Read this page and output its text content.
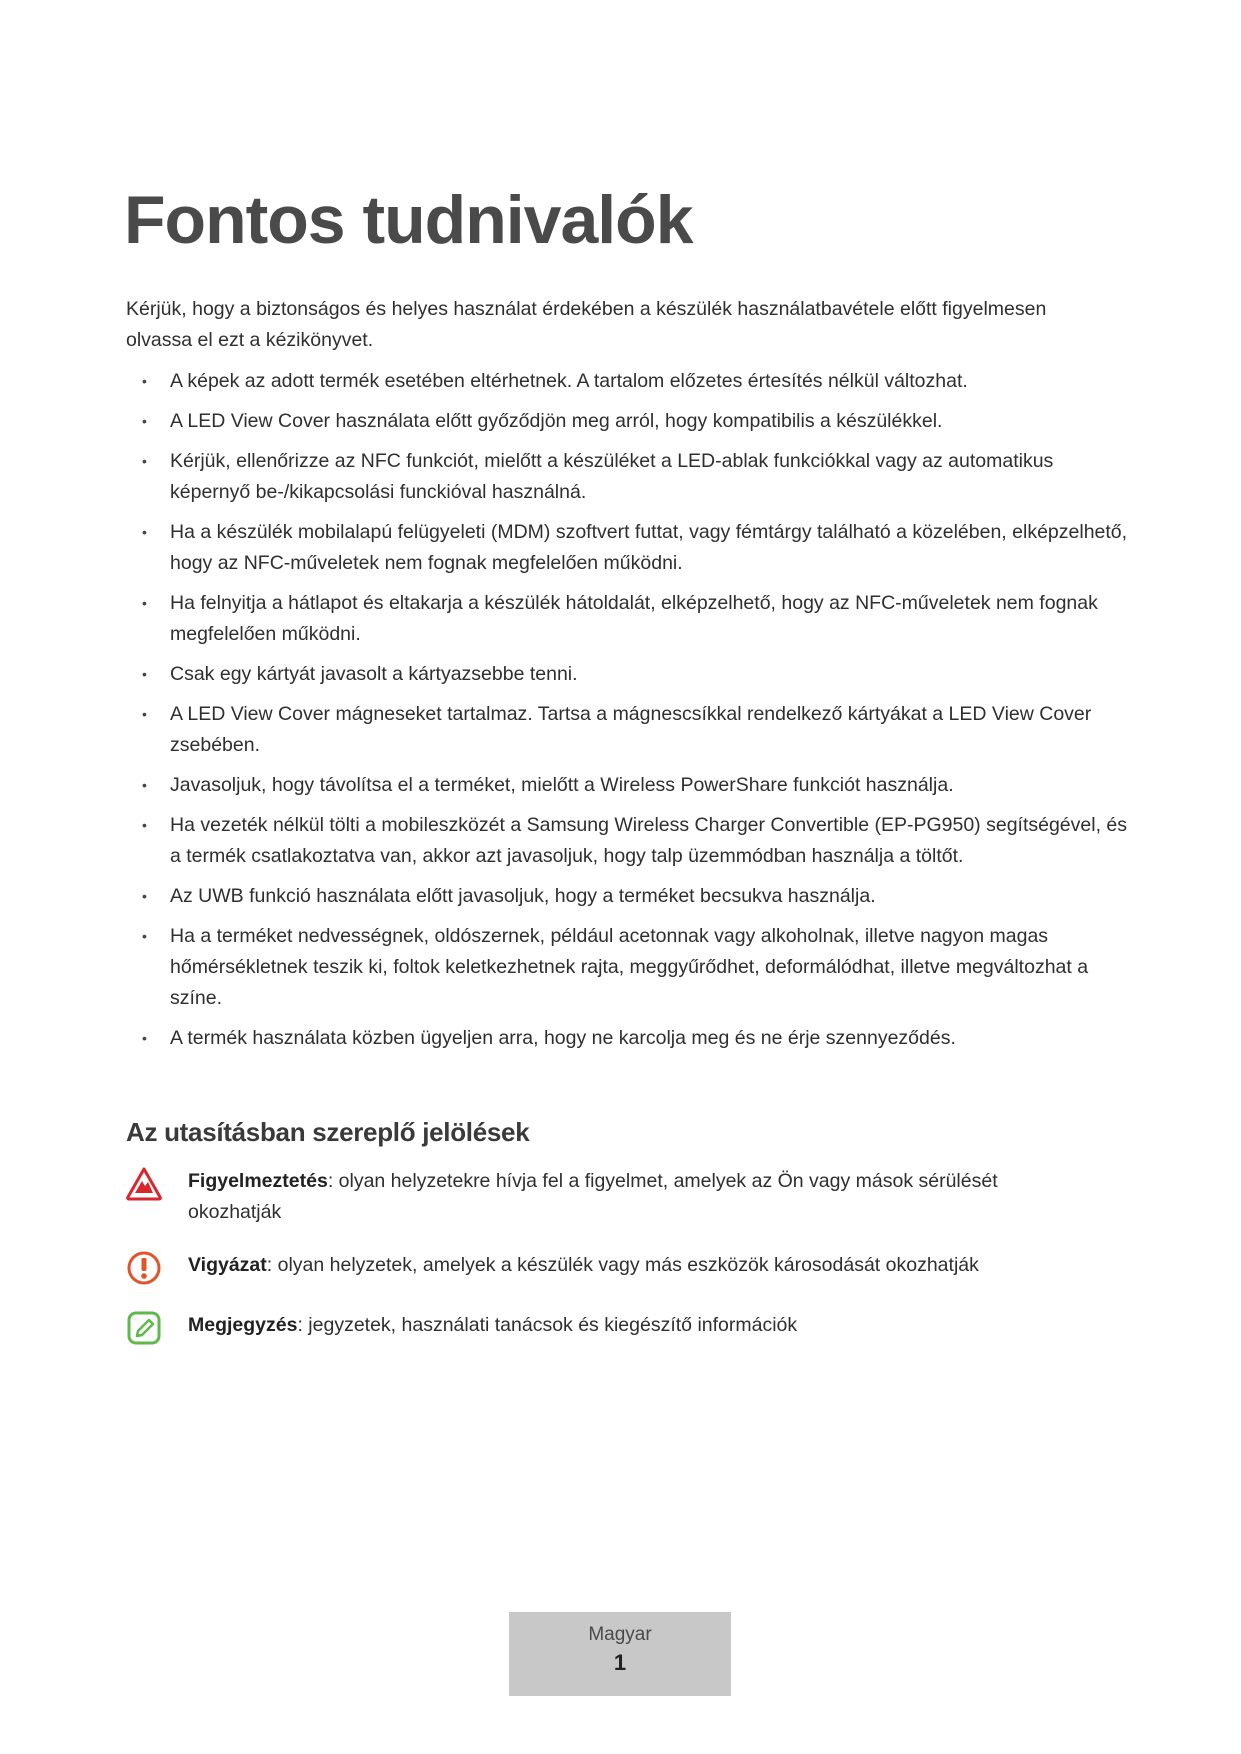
Fontos tudnivalók

Kérjük, hogy a biztonságos és helyes használat érdekében a készülék használatbavétele előtt figyelmesen olvassa el ezt a kézikönyvet.

• A képek az adott termék esetében eltérhetnek. A tartalom előzetes értesítés nélkül változhat.
• A LED View Cover használata előtt győződjön meg arról, hogy kompatibilis a készülékkel.
• Kérjük, ellenőrizze az NFC funkciót, mielőtt a készüléket a LED-ablak funkciókkal vagy az automatikus képernyő be-/kikapcsolási funckióval használná.
• Ha a készülék mobilalapú felügyeleti (MDM) szoftvert futtat, vagy fémtárgy található a közelében, elképzelhető, hogy az NFC-műveletek nem fognak megfelelően működni.
• Ha felnyitja a hátlapot és eltakarja a készülék hátoldalát, elképzelhető, hogy az NFC-műveletek nem fognak megfelelően működni.
• Csak egy kártyát javasolt a kártyazsebbe tenni.
• A LED View Cover mágneseket tartalmaz. Tartsa a mágnescsíkkal rendelkező kártyákat a LED View Cover zsebében.
• Javasoljuk, hogy távolítsa el a terméket, mielőtt a Wireless PowerShare funkciót használja.
• Ha vezeték nélkül tölti a mobileszközét a Samsung Wireless Charger Convertible (EP-PG950) segítségével, és a termék csatlakoztatva van, akkor azt javasoljuk, hogy talp üzemmódban használja a töltőt.
• Az UWB funkció használata előtt javasoljuk, hogy a terméket becsukva használja.
• Ha a terméket nedvességnek, oldószernek, például acetonnak vagy alkoholnak, illetve nagyon magas hőmérsékletnek teszik ki, foltok keletkezhetnek rajta, meggyűrődhet, deformálódhat, illetve megváltozhat a színe.
• A termék használata közben ügyeljen arra, hogy ne karcolja meg és ne érje szennyeződés.
Az utasításban szereplő jelölések
Figyelmeztetés: olyan helyzetekre hívja fel a figyelmet, amelyek az Ön vagy mások sérülését okozhatják
Vigyázat: olyan helyzetek, amelyek a készülék vagy más eszközök károsodását okozhatják
Megjegyzés: jegyzetek, használati tanácsok és kiegészítő információk
Magyar
1
